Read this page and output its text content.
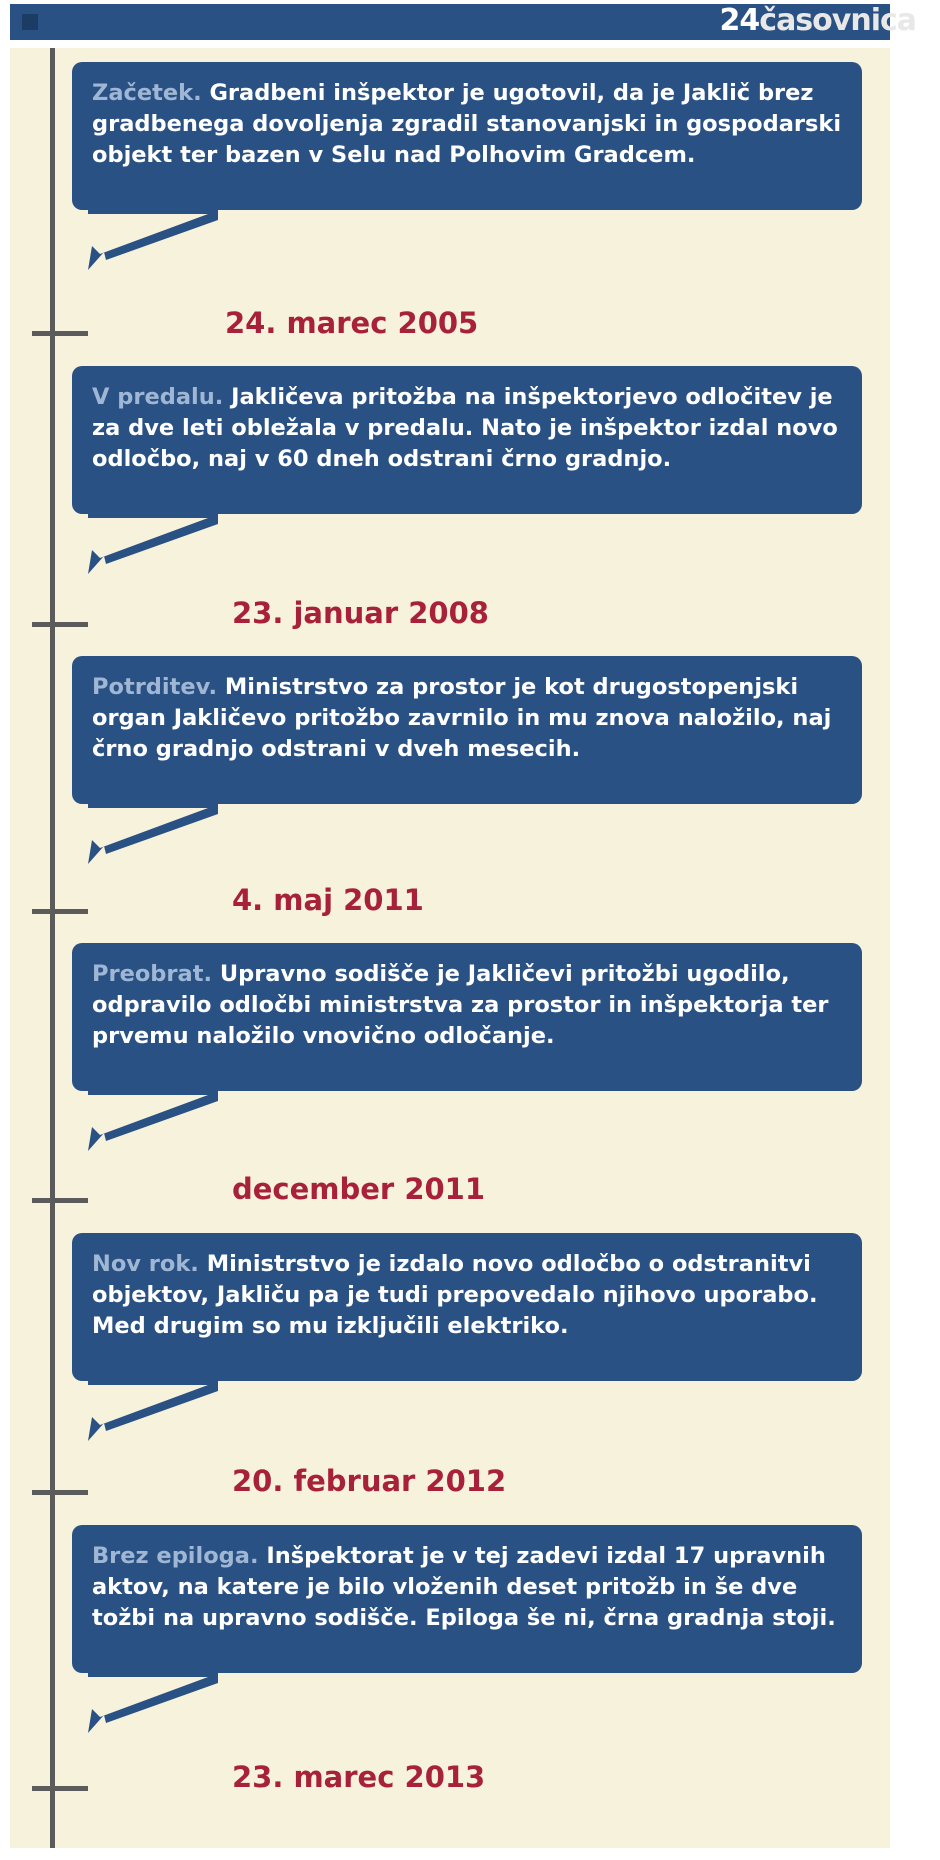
24časovnica

Začetek. Gradbeni inšpektor je ugotovil, da je Jaklič brez gradbenega dovoljenja zgradil stanovanjski in gospodarski objekt ter bazen v Selu nad Polhovim Gradcem.

24. marec 2005

V predalu. Jakličeva pritožba na inšpektorjevo odločitev je za dve leti obležala v predalu. Nato je inšpektor izdal novo odločbo, naj v 60 dneh odstrani črno gradnjo.

23. januar 2008

Potrditev. Ministrstvo za prostor je kot drugostopenjski organ Jakličevo pritožbo zavrnilo in mu znova naložilo, naj črno gradnjo odstrani v dveh mesecih.

4. maj 2011

Preobrat. Upravno sodišče je Jakličevi pritožbi ugodilo, odpravilo odločbi ministrstva za prostor in inšpektorja ter prvemu naložilo vnovično odločanje.

december 2011

Nov rok. Ministrstvo je izdalo novo odločbo o odstranitvi objektov, Jakliču pa je tudi prepovedalo njihovo uporabo. Med drugim so mu izključili elektriko.

20. februar 2012

Brez epiloga. Inšpektorat je v tej zadevi izdal 17 upravnih aktov, na katere je bilo vloženih deset pritožb in še dve tožbi na upravno sodišče. Epiloga še ni, črna gradnja stoji.

23. marec 2013
